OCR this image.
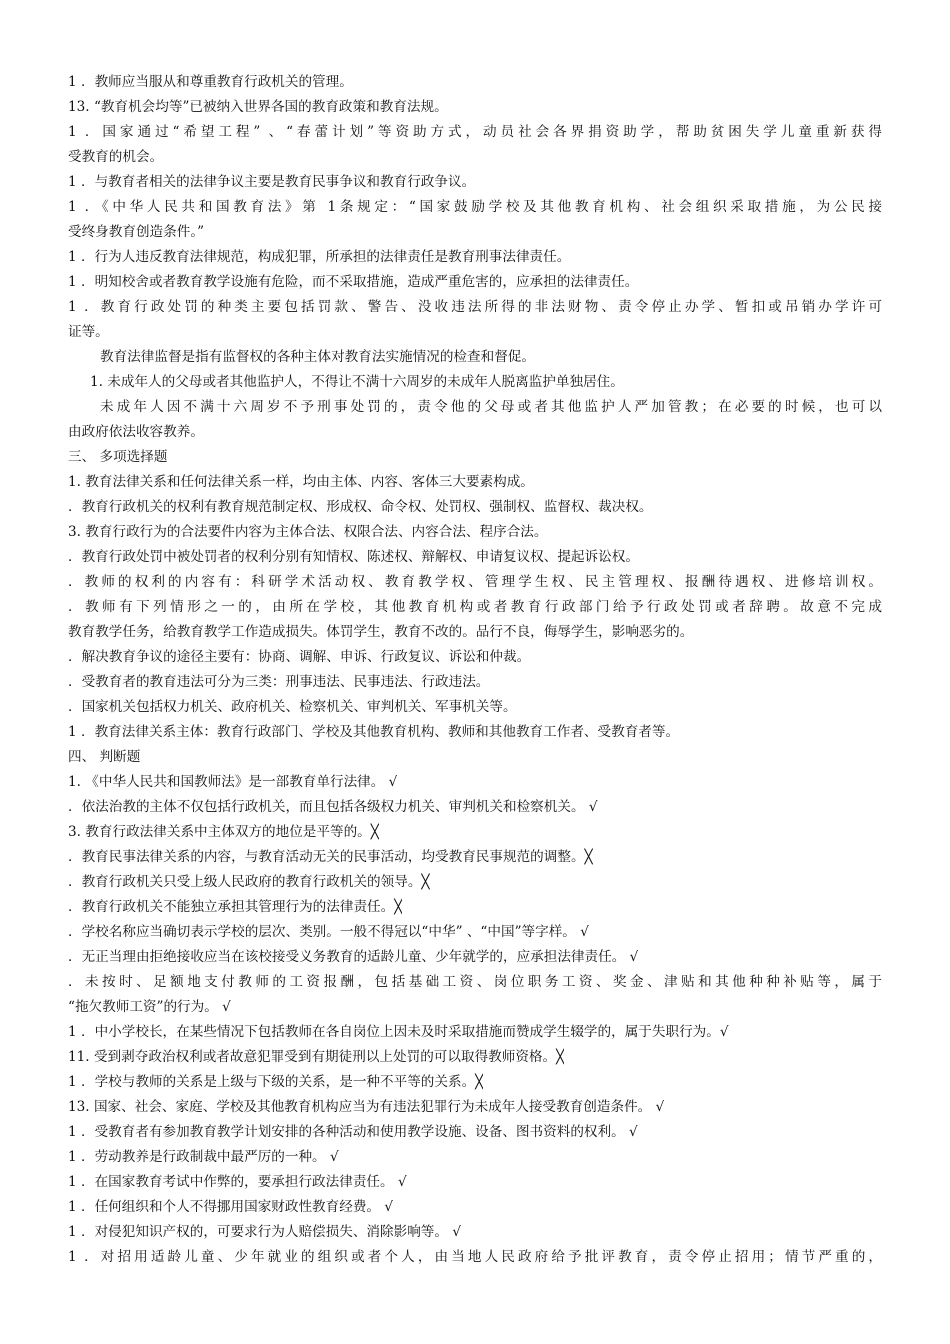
1 ．教师应当服从和尊重教育行政机关的管理。
13. “教育机会均等”已被纳入世界各国的教育政策和教育法规。
1 ．国家通过“希望工程” 、“春蕾计划”等资助方式，动员社会各界捐资助学，帮助贫困失学儿童重新获得
受教育的机会。
1 ．与教育者相关的法律争议主要是教育民事争议和教育行政争议。
1 ．《中华人民共和国教育法》第 1条规定：“国家鼓励学校及其他教育机构、社会组织采取措施，为公民接
受终身教育创造条件。”
1 ．行为人违反教育法律规范，构成犯罪，所承担的法律责任是教育刑事法律责任。
1 ．明知校舍或者教育教学设施有危险，而不采取措施，造成严重危害的，应承担的法律责任。
1 ．教育行政处罚的种类主要包括罚款、警告、没收违法所得的非法财物、责令停止办学、暂扣或吊销办学许可
证等。
教育法律监督是指有监督权的各种主体对教育法实施情况的检查和督促。
1. 未成年人的父母或者其他监护人，不得让不满十六周岁的未成年人脱离监护单独居住。
未成年人因不满十六周岁不予刑事处罚的，责令他的父母或者其他监护人严加管教；在必要的时候，也可以
由政府依法收容教养。
三、 多项选择题
1. 教育法律关系和任何法律关系一样，均由主体、内容、客体三大要素构成。
．教育行政机关的权利有教育规范制定权、形成权、命令权、处罚权、强制权、监督权、裁决权。
3. 教育行政行为的合法要件内容为主体合法、权限合法、内容合法、程序合法。
．教育行政处罚中被处罚者的权利分别有知情权、陈述权、辩解权、申请复议权、提起诉讼权。
．教师的权利的内容有：科研学术活动权、教育教学权、管理学生权、民主管理权、报酬待遇权、进修培训权。
．教师有下列情形之一的，由所在学校，其他教育机构或者教育行政部门给予行政处罚或者辞聘。故意不完成
教育教学任务，给教育教学工作造成损失。体罚学生，教育不改的。品行不良，侮辱学生，影响恶劣的。
．解决教育争议的途径主要有：协商、调解、申诉、行政复议、诉讼和仲裁。
．受教育者的教育违法可分为三类：刑事违法、民事违法、行政违法。
．国家机关包括权力机关、政府机关、检察机关、审判机关、军事机关等。
1 ．教育法律关系主体：教育行政部门、学校及其他教育机构、教师和其他教育工作者、受教育者等。
四、 判断题
1. 《中华人民共和国教师法》是一部教育单行法律。 √
．依法治教的主体不仅包括行政机关，而且包括各级权力机关、审判机关和检察机关。 √
3. 教育行政法律关系中主体双方的地位是平等的。╳
．教育民事法律关系的内容，与教育活动无关的民事活动，均受教育民事规范的调整。╳
．教育行政机关只受上级人民政府的教育行政机关的领导。╳
．教育行政机关不能独立承担其管理行为的法律责任。╳
．学校名称应当确切表示学校的层次、类别。一般不得冠以“中华” 、“中国”等字样。 √
．无正当理由拒绝接收应当在该校接受义务教育的适龄儿童、少年就学的，应承担法律责任。 √
．未按时、足额地支付教师的工资报酬，包括基础工资、岗位职务工资、奖金、津贴和其他种种补贴等，属于
“拖欠教师工资”的行为。 √
1 ．中小学校长，在某些情况下包括教师在各自岗位上因未及时采取措施而赞成学生辍学的，属于失职行为。√
11. 受到剥夺政治权利或者故意犯罪受到有期徒刑以上处罚的可以取得教师资格。╳
1 ．学校与教师的关系是上级与下级的关系，是一种不平等的关系。╳
13. 国家、社会、家庭、学校及其他教育机构应当为有违法犯罪行为未成年人接受教育创造条件。 √
1 ．受教育者有参加教育教学计划安排的各种活动和使用教学设施、设备、图书资料的权利。 √
1 ．劳动教养是行政制裁中最严厉的一种。 √
1 ．在国家教育考试中作弊的，要承担行政法律责任。 √
1 ．任何组织和个人不得挪用国家财政性教育经费。 √
1 ．对侵犯知识产权的，可要求行为人赔偿损失、消除影响等。 √
1 ．对招用适龄儿童、少年就业的组织或者个人，由当地人民政府给予批评教育，责令停止招用；情节严重的，
